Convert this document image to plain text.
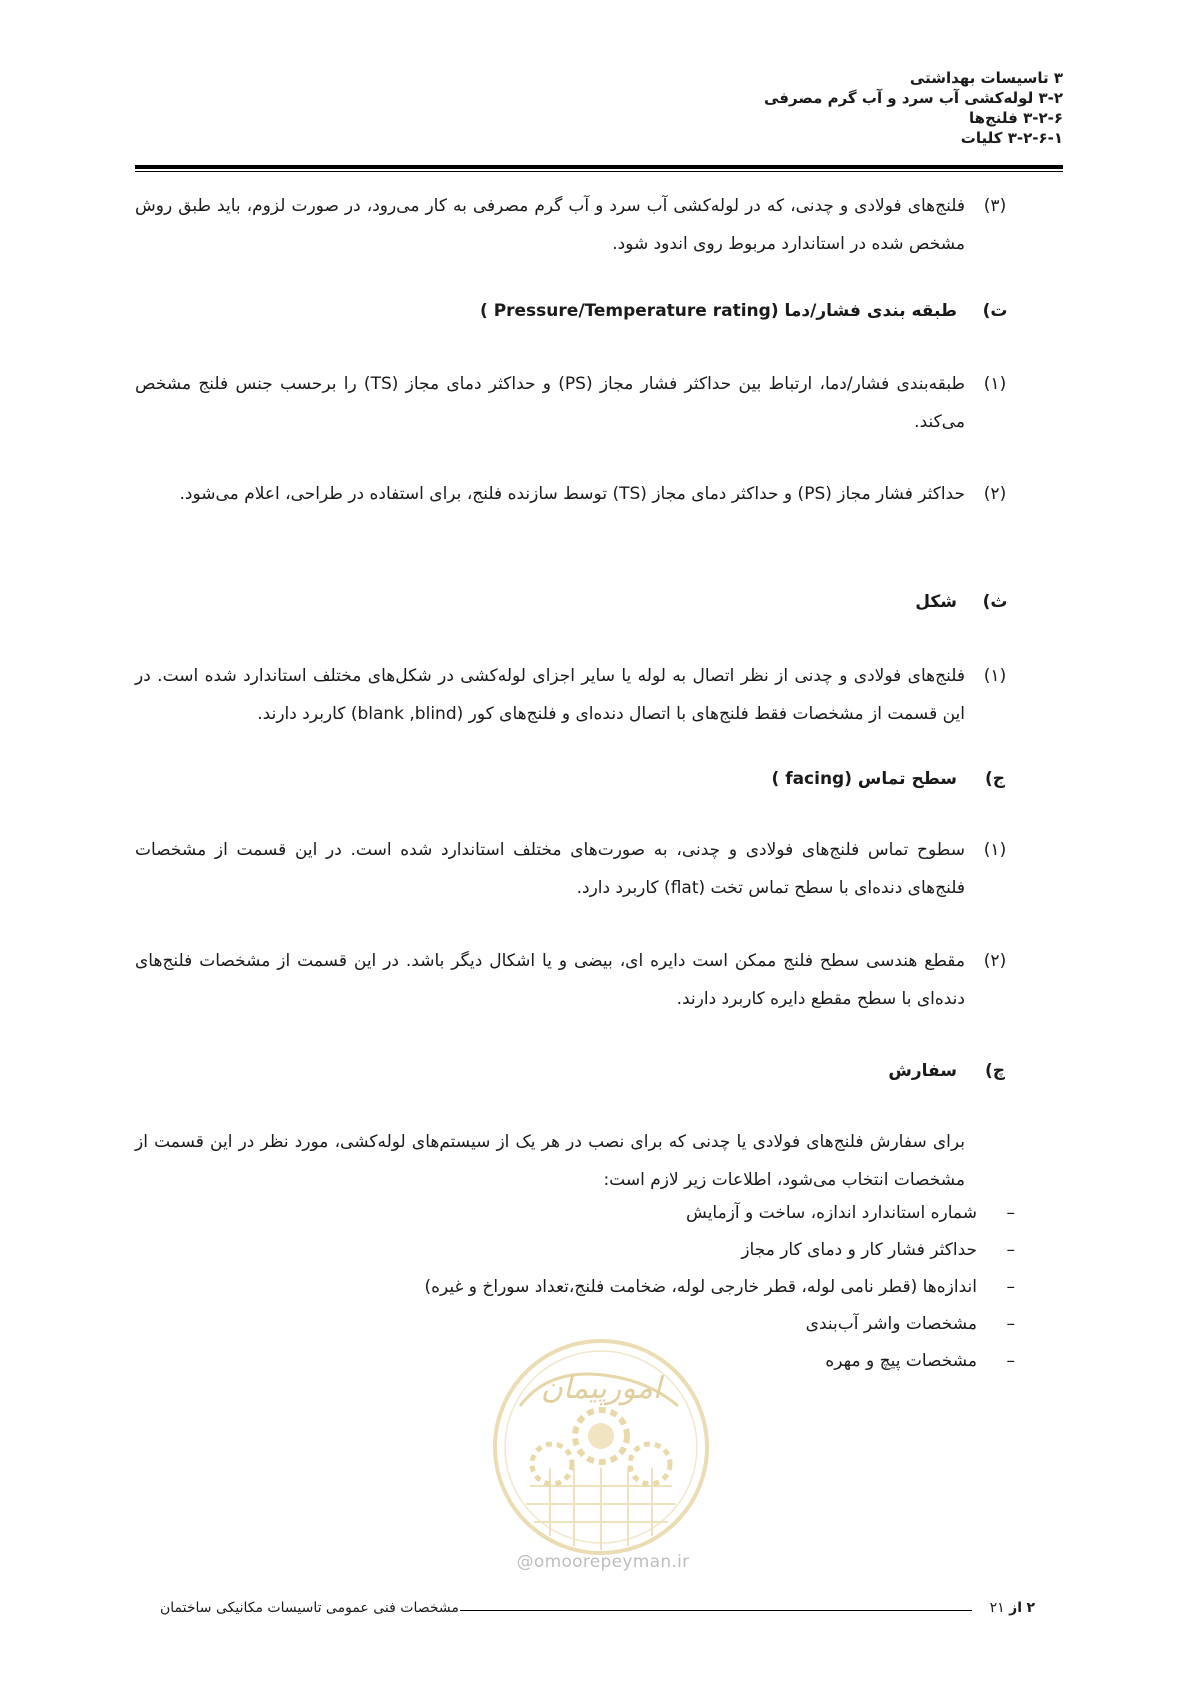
۳ تاسیسات بهداشتی
۳-۲ لوله‌کشی آب سرد و آب گرم مصرفی
۳-۲-۶ فلنج‌ها
۳-۲-۶-۱ کلیات
(۳)
فلنج‌های فولادی و چدنی، که در لوله‌کشی آب سرد و آب گرم مصرفی به کار می‌رود، در صورت لزوم، باید طبق روش مشخص شده در استاندارد مربوط روی اندود شود.
ت)
طبقه بندی فشار/دما (Pressure/Temperature rating )
(۱)
طبقه‌بندی فشار/دما، ارتباط بین حداکثر فشار مجاز (PS) و حداکثر دمای مجاز (TS) را برحسب جنس فلنج مشخص می‌کند.
(۲)
حداکثر فشار مجاز (PS) و حداکثر دمای مجاز (TS) توسط سازنده فلنج، برای استفاده در طراحی، اعلام می‌شود.
ث)
شکل
(۱)
فلنج‌های فولادی و چدنی از نظر اتصال به لوله یا سایر اجزای لوله‌کشی در شکل‌های مختلف استاندارد شده است. در این قسمت از مشخصات فقط فلنج‌های با اتصال دنده‌ای و فلنج‌های کور (blank ,blind) کاربرد دارند.
ج)
سطح تماس (facing )
(۱)
سطوح تماس فلنج‌های فولادی و چدنی، به صورت‌های مختلف استاندارد شده است. در این قسمت از مشخصات فلنج‌های دنده‌ای با سطح تماس تخت (flat) کاربرد دارد.
(۲)
مقطع هندسی سطح فلنج ممکن است دایره ای، بیضی و یا اشکال دیگر باشد. در این قسمت از مشخصات فلنج‌های دنده‌ای با سطح مقطع دایره کاربرد دارند.
چ)
سفارش
برای سفارش فلنج‌های فولادی یا چدنی که برای نصب در هر یک از سیستم‌های لوله‌کشی، مورد نظر در این قسمت از مشخصات انتخاب می‌شود، اطلاعات زیر لازم است:
–شماره استاندارد اندازه، ساخت و آزمایش
–حداکثر فشار کار و دمای کار مجاز
–اندازه‌ها (قطر نامی لوله، قطر خارجی لوله، ضخامت فلنج،تعداد سوراخ و غیره)
–مشخصات واشر آب‌بندی
–مشخصات پیچ و مهره
امورپیمان
@omoorepeyman.ir
مشخصات فنی عمومی تاسیسات مکانیکی ساختمان	۲ از ۲۱
